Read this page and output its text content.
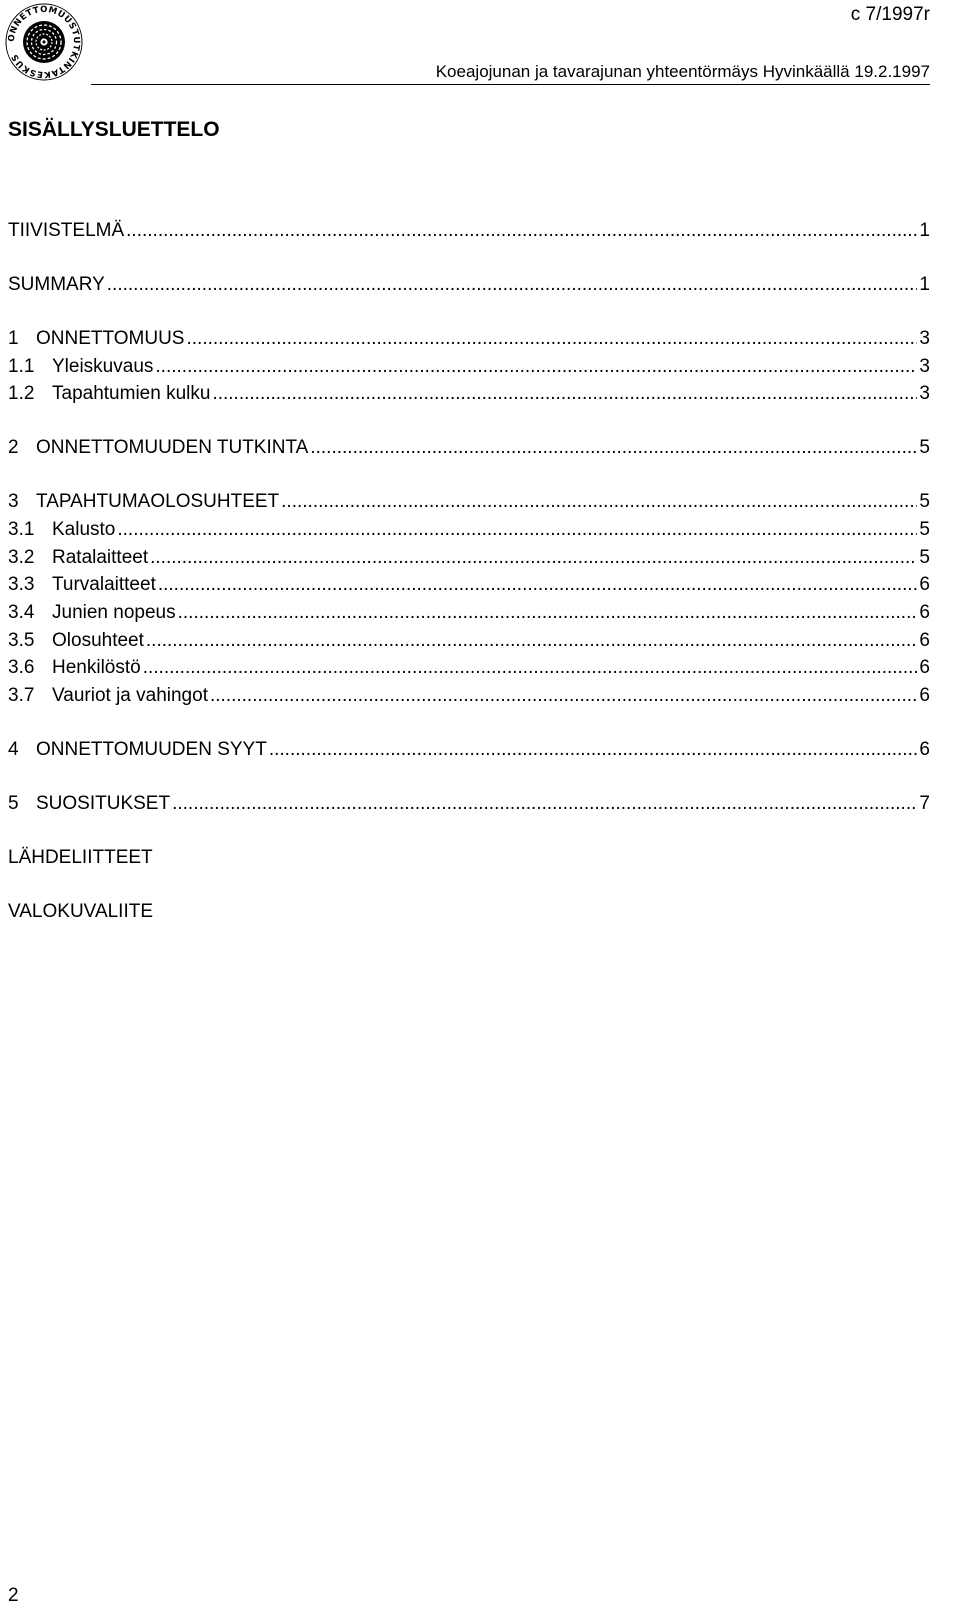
ONNETTOMUUSTUTKINTAKESKUS
c 7/1997r
Koeajojunan ja tavarajunan yhteentörmäys Hyvinkäällä 19.2.1997
SISÄLLYSLUETTELO
TIIVISTELMÄ .....	1
SUMMARY .....	1
1 ONNETTOMUUS .....	3
1.1 Yleiskuvaus .....	3
1.2 Tapahtumien kulku .....	3
2 ONNETTOMUUDEN TUTKINTA .....	5
3 TAPAHTUMAOLOSUHTEET .....	5
3.1 Kalusto .....	5
3.2 Ratalaitteet .....	5
3.3 Turvalaitteet .....	6
3.4 Junien nopeus .....	6
3.5 Olosuhteet .....	6
3.6 Henkilöstö .....	6
3.7 Vauriot ja vahingot .....	6
4 ONNETTOMUUDEN SYYT .....	6
5 SUOSITUKSET .....	7
LÄHDELIITTEET
VALOKUVALIITE
2
